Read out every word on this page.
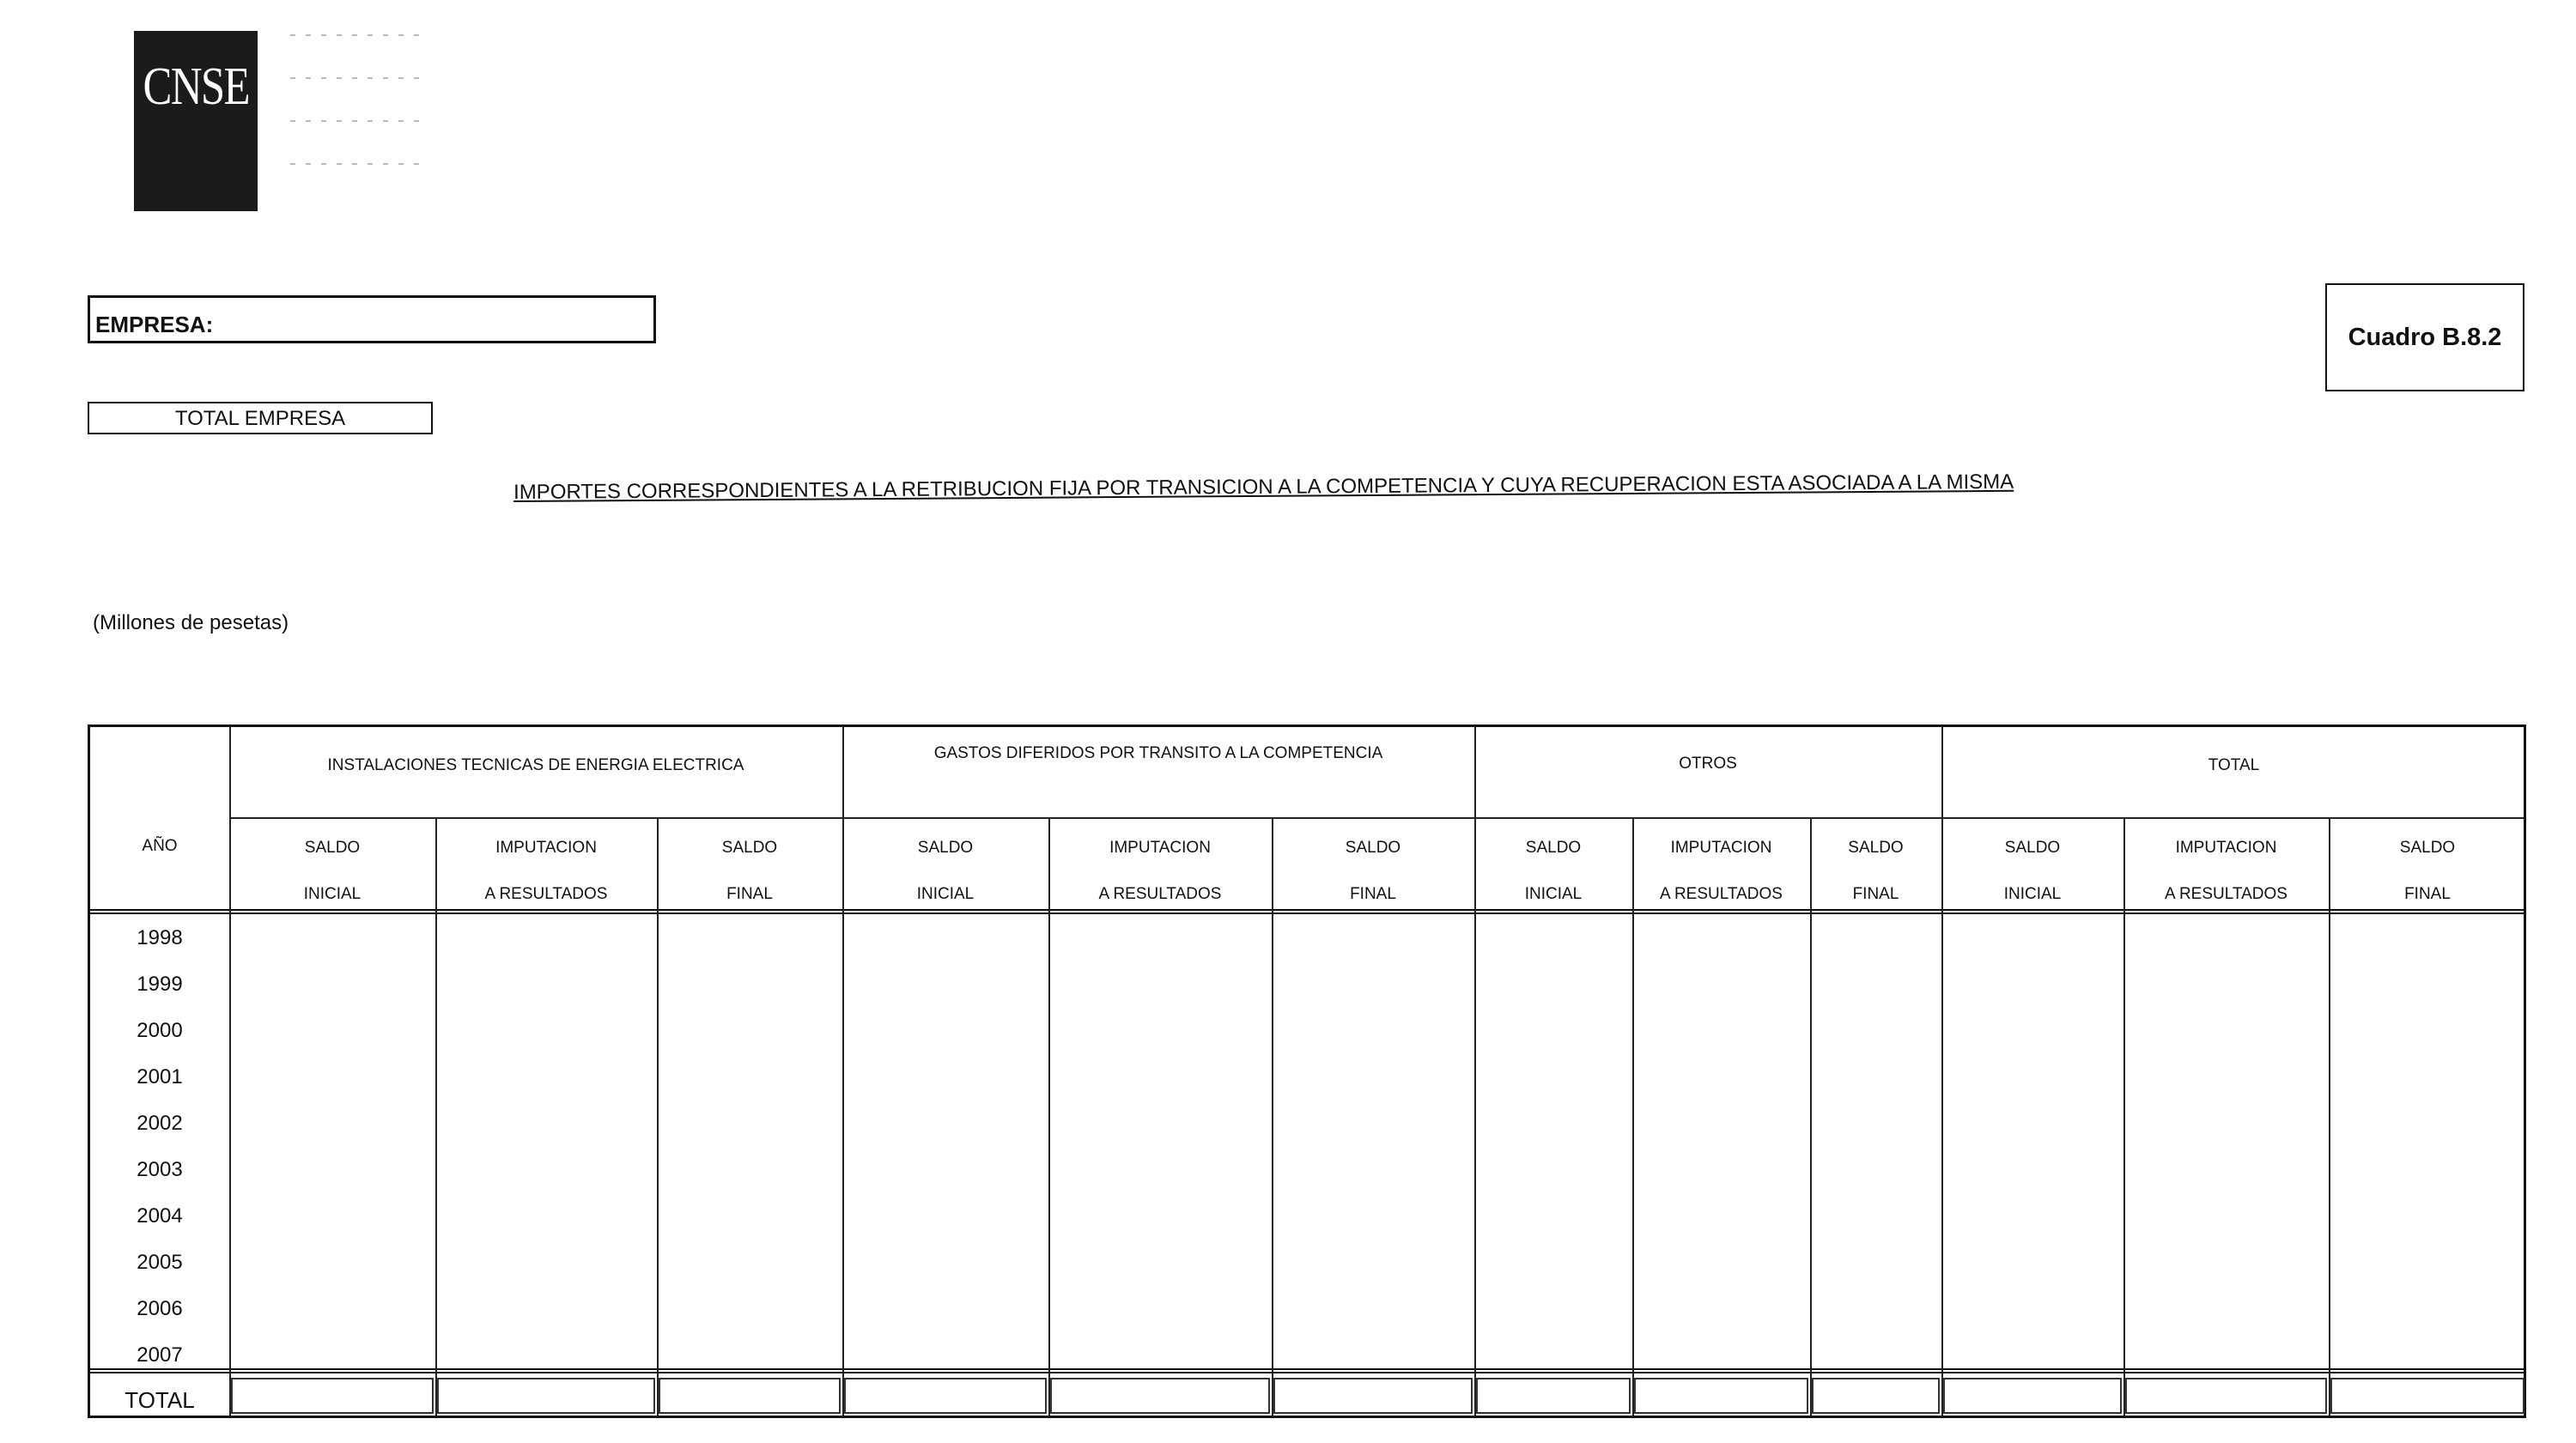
CNSE
EMPRESA:
TOTAL EMPRESA
Cuadro B.8.2
IMPORTES CORRESPONDIENTES A LA RETRIBUCION FIJA POR TRANSICION A LA COMPETENCIA Y CUYA RECUPERACION ESTA ASOCIADA A LA MISMA
(Millones de pesetas)
AÑO
INSTALACIONES TECNICAS DE ENERGIA ELECTRICA
GASTOS DIFERIDOS POR TRANSITO A LA COMPETENCIA
OTROS	TOTAL
TOTAL
SALDO
INICIAL
IMPUTACION
A RESULTADOS
SALDO
FINAL
SALDO
INICIAL
IMPUTACION
A RESULTADOS
SALDO
FINAL
SALDO
INICIAL
IMPUTACION
A RESULTADOS
SALDO
FINAL
SALDO
INICIAL
IMPUTACION
A RESULTADOS
SALDO
FINAL
1998
1999
2000
2001
2002
2003
2004
2005
2006
2007
